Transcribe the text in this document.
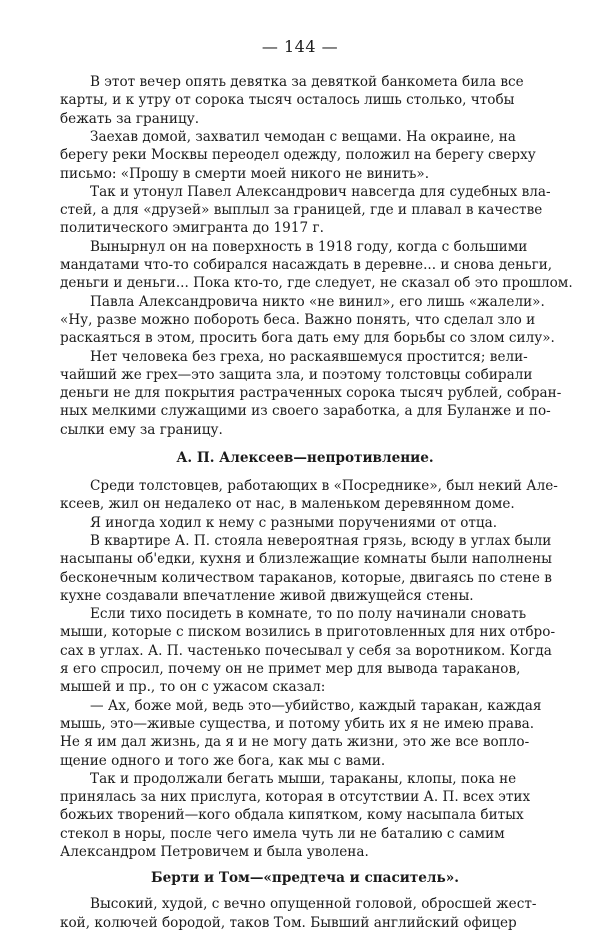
— 144 —
В этот вечер опять девятка за девяткой банкомета била все
карты, и к утру от сорока тысяч осталось лишь столько, чтобы
бежать за границу.
Заехав домой, захватил чемодан с вещами. На окраине, на
берегу реки Москвы переодел одежду, положил на берегу сверху
письмо: «Прошу в смерти моей никого не винить».
Так и утонул Павел Александрович навсегда для судебных вла-
стей, а для «друзей» выплыл за границей, где и плавал в качестве
политического эмигранта до 1917 г.
Вынырнул он на поверхность в 1918 году, когда с большими
мандатами что-то собирался насаждать в деревне... и снова деньги,
деньги и деньги... Пока кто-то, где следует, не сказал об это прошлом.
Павла Александровича никто «не винил», его лишь «жалели».
«Ну, разве можно побороть беса. Важно понять, что сделал зло и
раскаяться в этом, просить бога дать ему для борьбы со злом силу».
Нет человека без греха, но раскаявшемуся простится; вели-
чайший же грех—это защита зла, и поэтому толстовцы собирали
деньги не для покрытия растраченных сорока тысяч рублей, собран-
ных мелкими служащими из своего заработка, а для Буланже и по-
сылки ему за границу.
А. П. Алексеев—непротивление.
Среди толстовцев, работающих в «Посреднике», был некий Але-
ксеев, жил он недалеко от нас, в маленьком деревянном доме.
Я иногда ходил к нему с разными поручениями от отца.
В квартире А. П. стояла невероятная грязь, всюду в углах были
насыпаны об'едки, кухня и близлежащие комнаты были наполнены
бесконечным количеством тараканов, которые, двигаясь по стене в
кухне создавали впечатление живой движущейся стены.
Если тихо посидеть в комнате, то по полу начинали сновать
мыши, которые с писком возились в приготовленных для них отбро-
сах в углах. А. П. частенько почесывал у себя за воротником. Когда
я его спросил, почему он не примет мер для вывода тараканов,
мышей и пр., то он с ужасом сказал:
— Ах, боже мой, ведь это—убийство, каждый таракан, каждая
мышь, это—живые существа, и потому убить их я не имею права.
Не я им дал жизнь, да я и не могу дать жизни, это же все вопло-
щение одного и того же бога, как мы с вами.
Так и продолжали бегать мыши, тараканы, клопы, пока не
принялась за них прислуга, которая в отсутствии А. П. всех этих
божьих творений—кого обдала кипятком, кому насыпала битых
стекол в норы, после чего имела чуть ли не баталию с самим
Александром Петровичем и была уволена.
Берти и Том—«предтеча и спаситель».
Высокий, худой, с вечно опущенной головой, обросшей жест-
кой, колючей бородой, таков Том. Бывший английский офицер
